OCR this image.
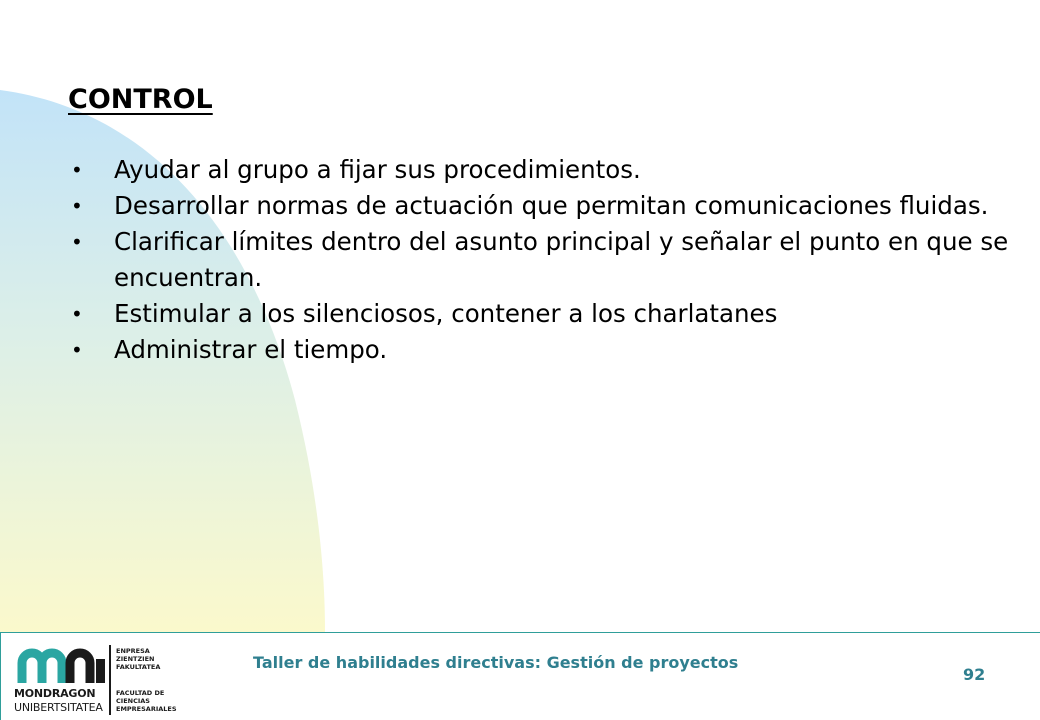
CONTROL
•	Ayudar al grupo a fijar sus procedimientos.
•	Desarrollar normas de actuación que permitan comunicaciones fluidas.
•	Clarificar límites dentro del asunto principal y señalar el punto en que se encuentran.
•	Estimular a los silenciosos, contener a los charlatanes
•	Administrar el tiempo.
MONDRAGON
UNIBERTSITATEA
ENPRESA
ZIENTZIEN
FAKULTATEA
FACULTAD DE
CIENCIAS
EMPRESARIALES
Taller de habilidades directivas: Gestión de proyectos
92
